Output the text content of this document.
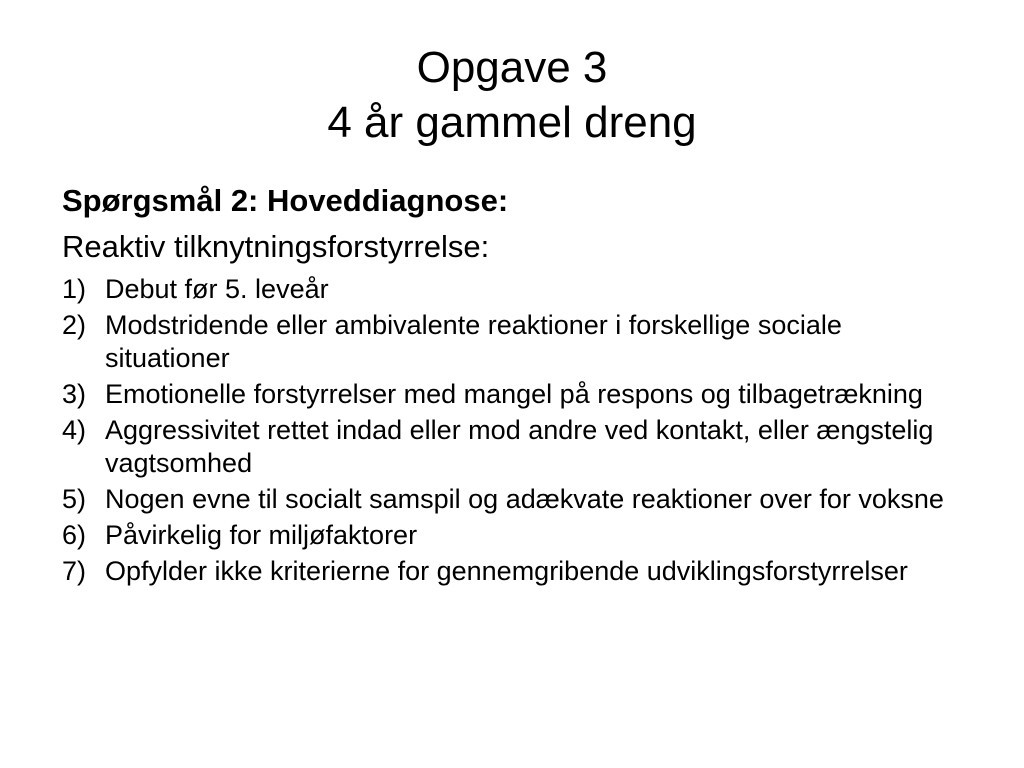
Opgave 3
4 år gammel dreng

Spørgsmål 2: Hoveddiagnose:

Reaktiv tilknytningsforstyrrelse:

1) Debut før 5. leveår
2) Modstridende eller ambivalente reaktioner i forskellige sociale situationer
3) Emotionelle forstyrrelser med mangel på respons og tilbagetrækning
4) Aggressivitet rettet indad eller mod andre ved kontakt, eller ængstelig vagtsomhed
5) Nogen evne til socialt samspil og adækvate reaktioner over for voksne
6) Påvirkelig for miljøfaktorer
7) Opfylder ikke kriterierne for gennemgribende udviklingsforstyrrelser
